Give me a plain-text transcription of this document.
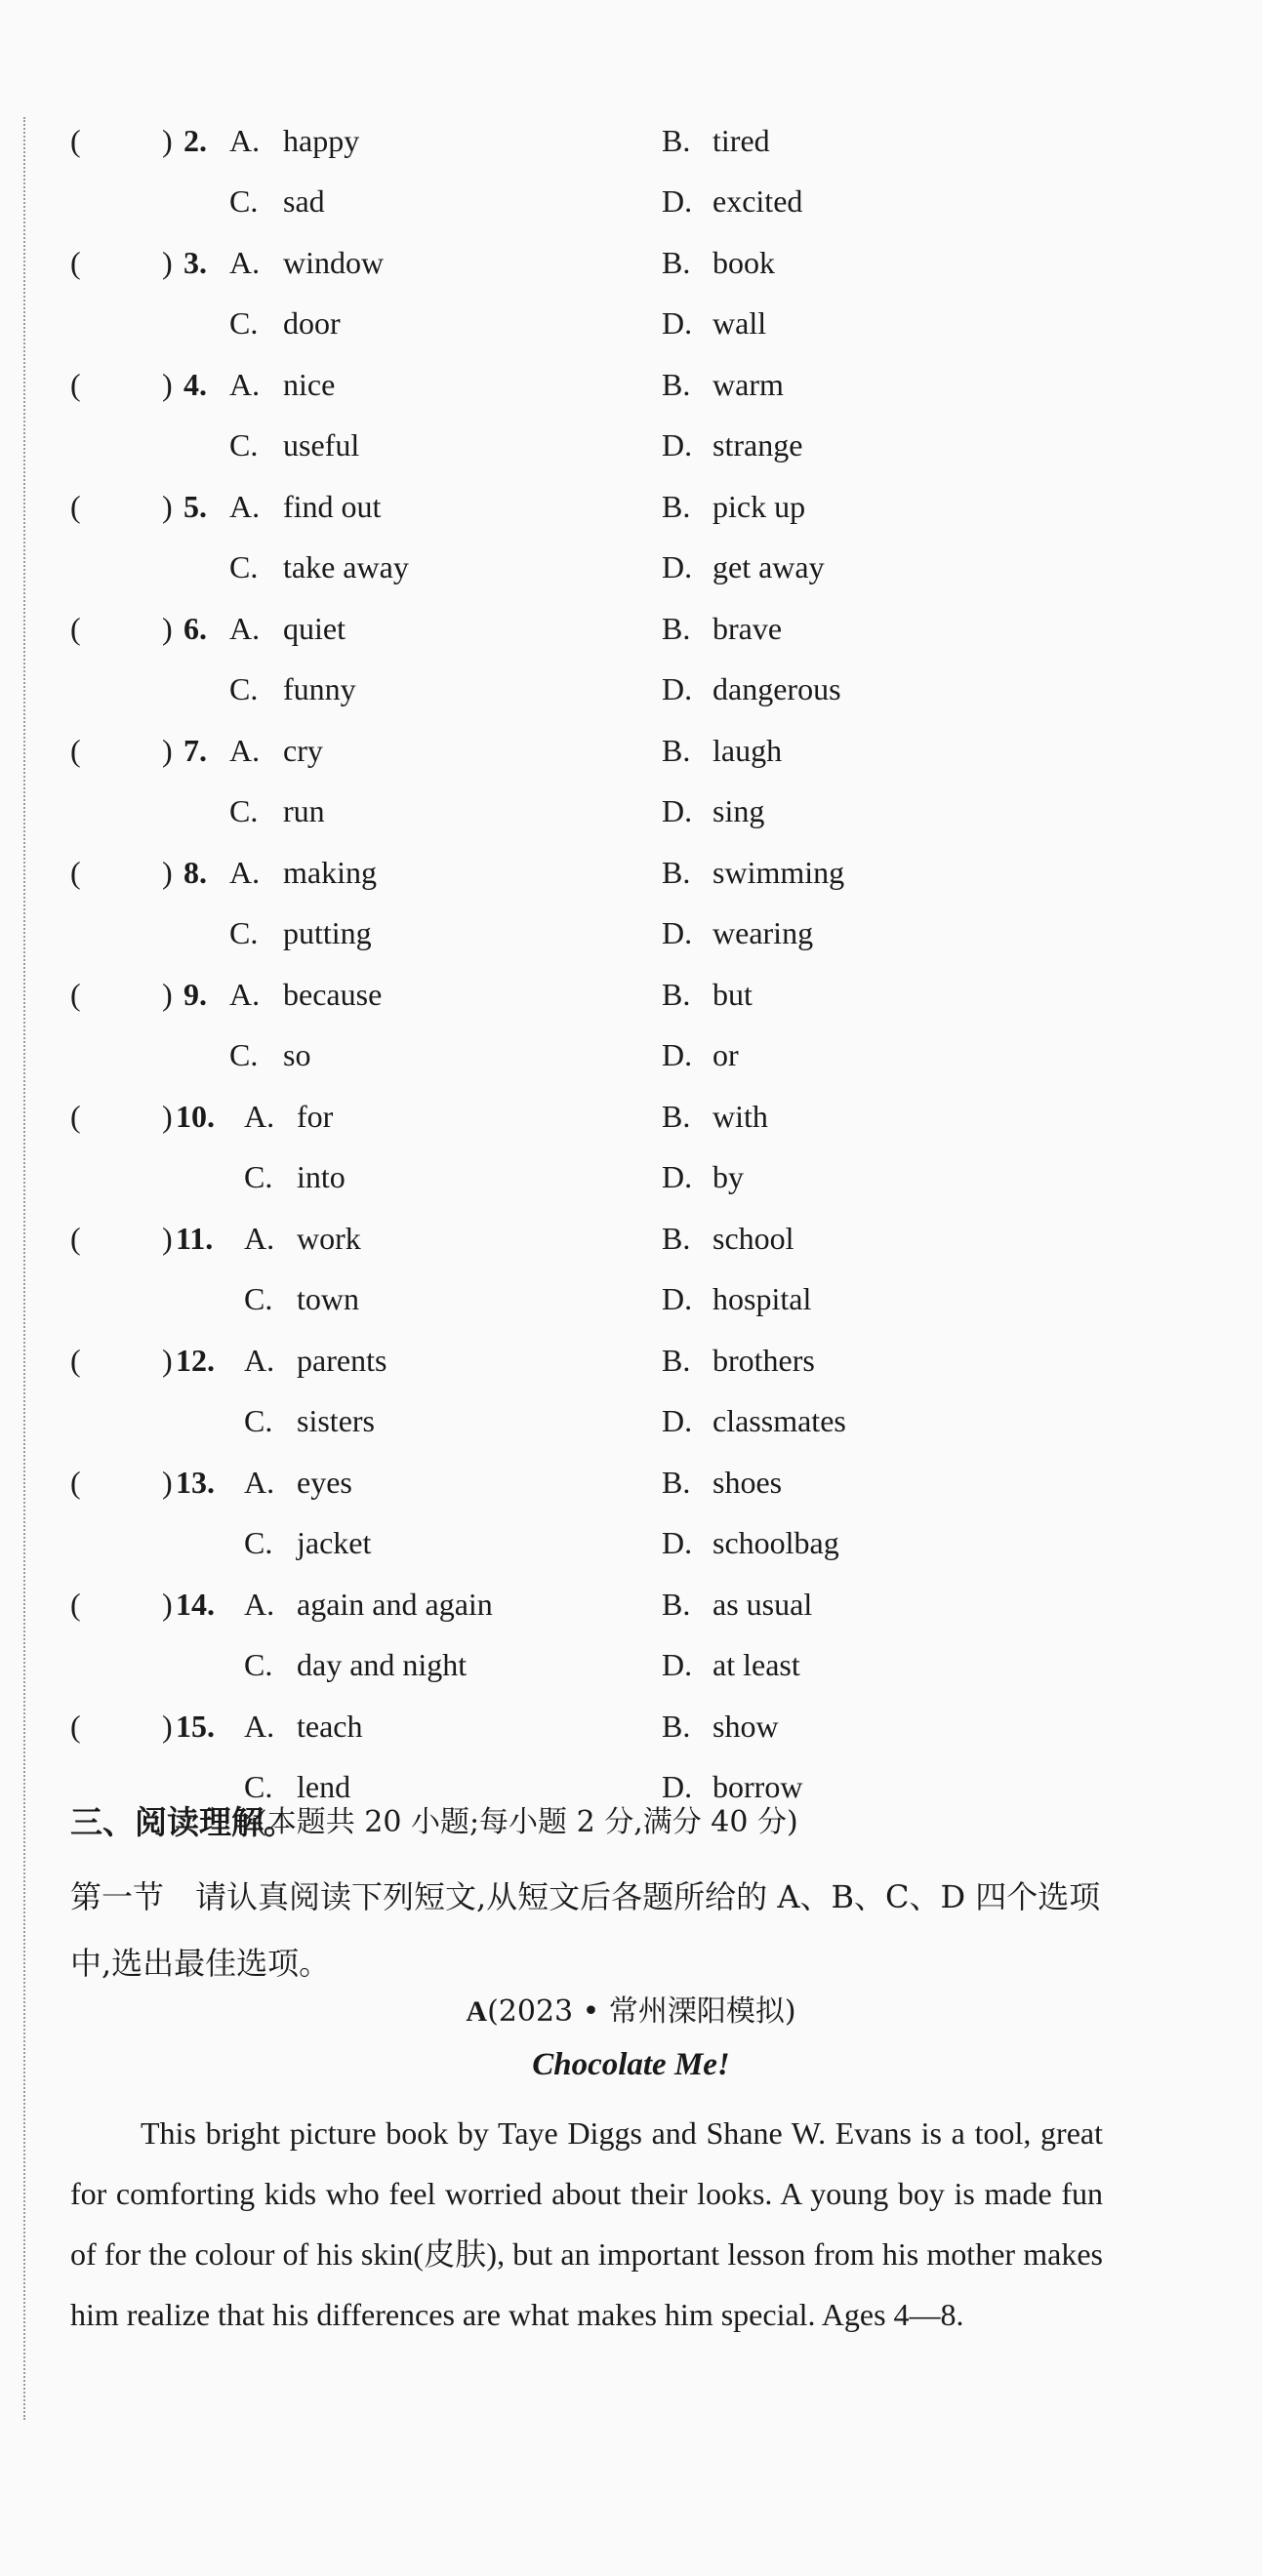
(	) 2. A. happy	B. tired
C. sad	D. excited
(	) 3. A. window	B. book
C. door	D. wall
(	) 4. A. nice	B. warm
C. useful	D. strange
(	) 5. A. find out	B. pick up
C. take away	D. get away
(	) 6. A. quiet	B. brave
C. funny	D. dangerous
(	) 7. A. cry	B. laugh
C. run	D. sing
(	) 8. A. making	B. swimming
C. putting	D. wearing
(	) 9. A. because	B. but
C. so	D. or
(	) 10. A. for	B. with
C. into	D. by
(	) 11. A. work	B. school
C. town	D. hospital
(	) 12. A. parents	B. brothers
C. sisters	D. classmates
(	) 13. A. eyes	B. shoes
C. jacket	D. schoolbag
(	) 14. A. again and again	B. as usual
C. day and night	D. at least
(	) 15. A. teach	B. show
C. lend	D. borrow
三、阅读理解。
(本题共 20 小题;每小题 2 分,满分 40 分)
第一节　请认真阅读下列短文,从短文后各题所给的 A、B、C、D 四个选项中,选出最佳选项。
A(2023 • 常州溧阳模拟)
Chocolate Me!
This bright picture book by Taye Diggs and Shane W. Evans is a tool, great for comforting kids who feel worried about their looks. A young boy is made fun of for the colour of his skin(皮肤), but an important lesson from his mother makes him realize that his differences are what makes him special. Ages 4—8.
